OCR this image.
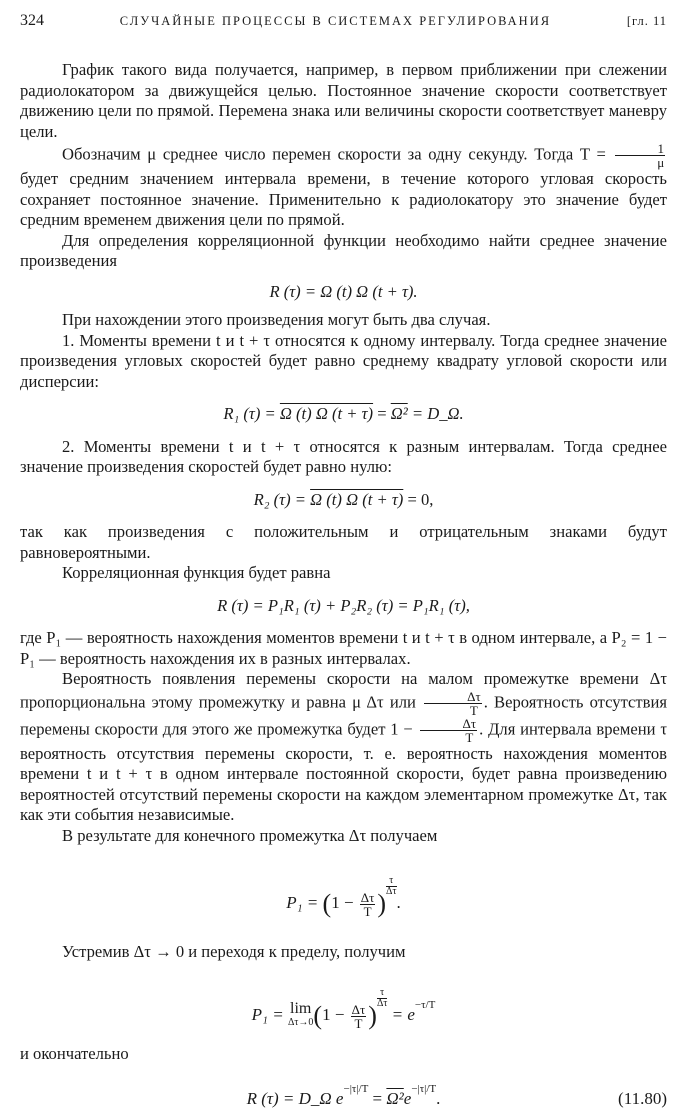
324	СЛУЧАЙНЫЕ ПРОЦЕССЫ В СИСТЕМАХ РЕГУЛИРОВАНИЯ	[гл. 11

График такого вида получается, например, в первом приближении при слежении радиолокатором за движущейся целью. Постоянное значение скорости соответствует движению цели по прямой. Перемена знака или величины скорости соответствует маневру цели.

Обозначим μ среднее число перемен скорости за одну секунду. Тогда $T = \frac{1}{\mu}$
будет средним значением интервала времени, в течение которого угловая скорость сохраняет постоянное значение. Применительно к радиолокатору это значение будет средним временем движения цели по прямой.

Для определения корреляционной функции необходимо найти среднее значение произведения

R (τ) = Ω (t) Ω (t + τ).

При нахождении этого произведения могут быть два случая.

1. Моменты времени t и t + τ относятся к одному интервалу. Тогда среднее значение произведения угловых скоростей будет равно среднему квадрату угловой скорости или дисперсии:

R₁ (τ) = Ω (t) Ω (t + τ) = Ω² = D_Ω.

2. Моменты времени t и t + τ относятся к разным интервалам. Тогда среднее значение произведения скоростей будет равно нулю:

R₂ (τ) = Ω (t) Ω (t + τ) = 0,

так как произведения с положительным и отрицательным знаками будут равновероятными.

Корреляционная функция будет равна

R (τ) = P₁R₁ (τ) + P₂R₂ (τ) = P₁R₁ (τ),

где P₁ — вероятность нахождения моментов времени t и t + τ в одном интервале, а P₂ = 1 − P₁ — вероятность нахождения их в разных интервалах.

Вероятность появления перемены скорости на малом промежутке времени Δτ пропорциональна этому промежутку и равна μ Δτ или $\frac{\Delta\tau}{T}$ . Вероятность отсутствия перемены скорости для этого же промежутка будет $1 - \frac{\Delta\tau}{T}$ . Для интервала времени τ вероятность отсутствия перемены скорости, т. е. вероятность нахождения моментов времени t и t + τ в одном интервале постоянной скорости, будет равна произведению вероятностей отсутствий перемены скорости на каждом элементарном промежутке Δτ, так как эти события независимые.

В результате для конечного промежутка Δτ получаем

$P_1 = (1 - \frac{\Delta\tau}{T}$ )
$\frac{\tau}{\Delta\tau}$
.

Устремив Δτ → 0 и переходя к пределу, получим

P₁ = lim
Δτ→0 ($1 - \frac{\Delta\tau}{T}$ )
$\frac{\tau}{\Delta\tau}$
= $e^{-\tau/T}$

и окончательно

R (τ) = D_Ω $e^{-|\tau|/T} = \Omega^2e^{-|\tau|/T}$.	(11.80)
